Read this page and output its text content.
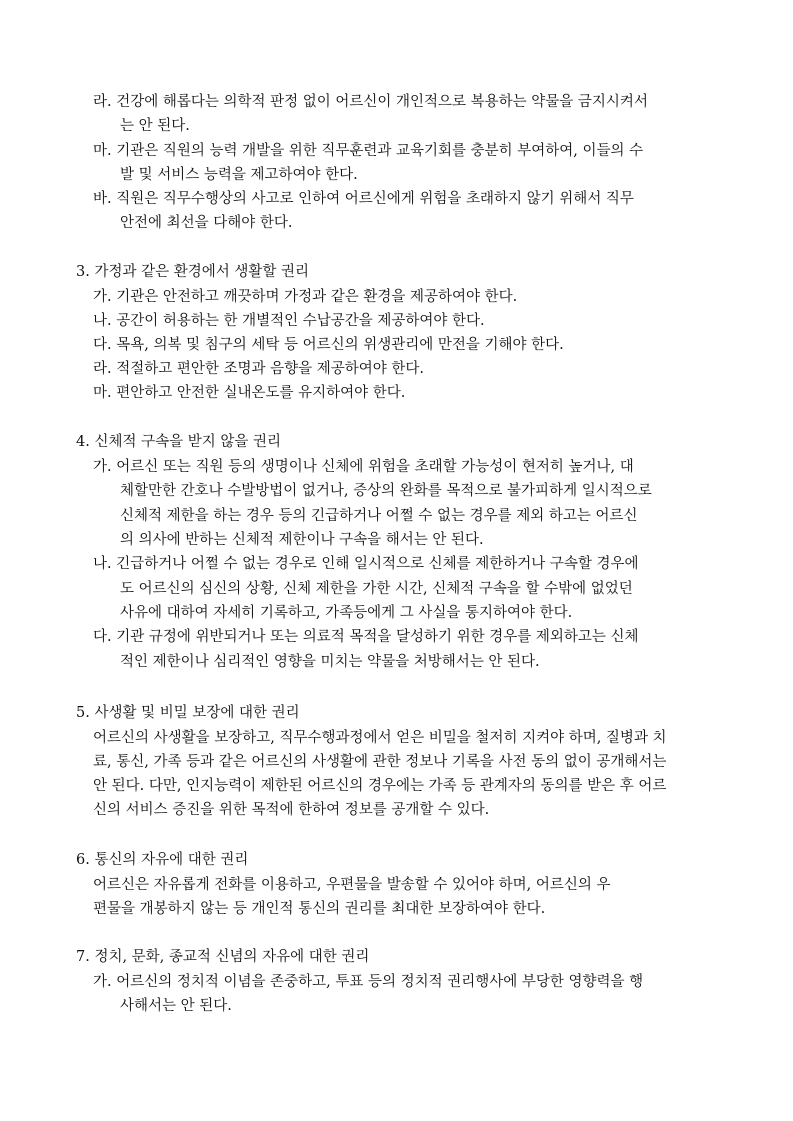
라. 건강에 해롭다는 의학적 판정 없이 어르신이 개인적으로 복용하는 약물을 금지시켜서
는 안 된다.
마. 기관은 직원의 능력 개발을 위한 직무훈련과 교육기회를 충분히 부여하여, 이들의 수
발 및 서비스 능력을 제고하여야 한다.
바. 직원은 직무수행상의 사고로 인하여 어르신에게 위험을 초래하지 않기 위해서 직무
안전에 최선을 다해야 한다.
3. 가정과 같은 환경에서 생활할 권리
가. 기관은 안전하고 깨끗하며 가정과 같은 환경을 제공하여야 한다.
나. 공간이 허용하는 한 개별적인 수납공간을 제공하여야 한다.
다. 목욕, 의복 및 침구의 세탁 등 어르신의 위생관리에 만전을 기해야 한다.
라. 적절하고 편안한 조명과 음향을 제공하여야 한다.
마. 편안하고 안전한 실내온도를 유지하여야 한다.
4. 신체적 구속을 받지 않을 권리
가. 어르신 또는 직원 등의 생명이나 신체에 위험을 초래할 가능성이 현저히 높거나, 대
체할만한 간호나 수발방법이 없거나, 증상의 완화를 목적으로 불가피하게 일시적으로
신체적 제한을 하는 경우 등의 긴급하거나 어쩔 수 없는 경우를 제외 하고는 어르신
의 의사에 반하는 신체적 제한이나 구속을 해서는 안 된다.
나. 긴급하거나 어쩔 수 없는 경우로 인해 일시적으로 신체를 제한하거나 구속할 경우에
도 어르신의 심신의 상황, 신체 제한을 가한 시간, 신체적 구속을 할 수밖에 없었던
사유에 대하여 자세히 기록하고, 가족등에게 그 사실을 통지하여야 한다.
다. 기관 규정에 위반되거나 또는 의료적 목적을 달성하기 위한 경우를 제외하고는 신체
적인 제한이나 심리적인 영향을 미치는 약물을 처방해서는 안 된다.
5. 사생활 및 비밀 보장에 대한 권리
어르신의 사생활을 보장하고, 직무수행과정에서 얻은 비밀을 철저히 지켜야 하며, 질병과 치
료, 통신, 가족 등과 같은 어르신의 사생활에 관한 정보나 기록을 사전 동의 없이 공개해서는
안 된다. 다만, 인지능력이 제한된 어르신의 경우에는 가족 등 관계자의 동의를 받은 후 어르
신의 서비스 증진을 위한 목적에 한하여 정보를 공개할 수 있다.
6. 통신의 자유에 대한 권리
어르신은 자유롭게 전화를 이용하고, 우편물을 발송할 수 있어야 하며, 어르신의 우
편물을 개봉하지 않는 등 개인적 통신의 권리를 최대한 보장하여야 한다.
7. 정치, 문화, 종교적 신념의 자유에 대한 권리
가. 어르신의 정치적 이념을 존중하고, 투표 등의 정치적 권리행사에 부당한 영향력을 행
사해서는 안 된다.
